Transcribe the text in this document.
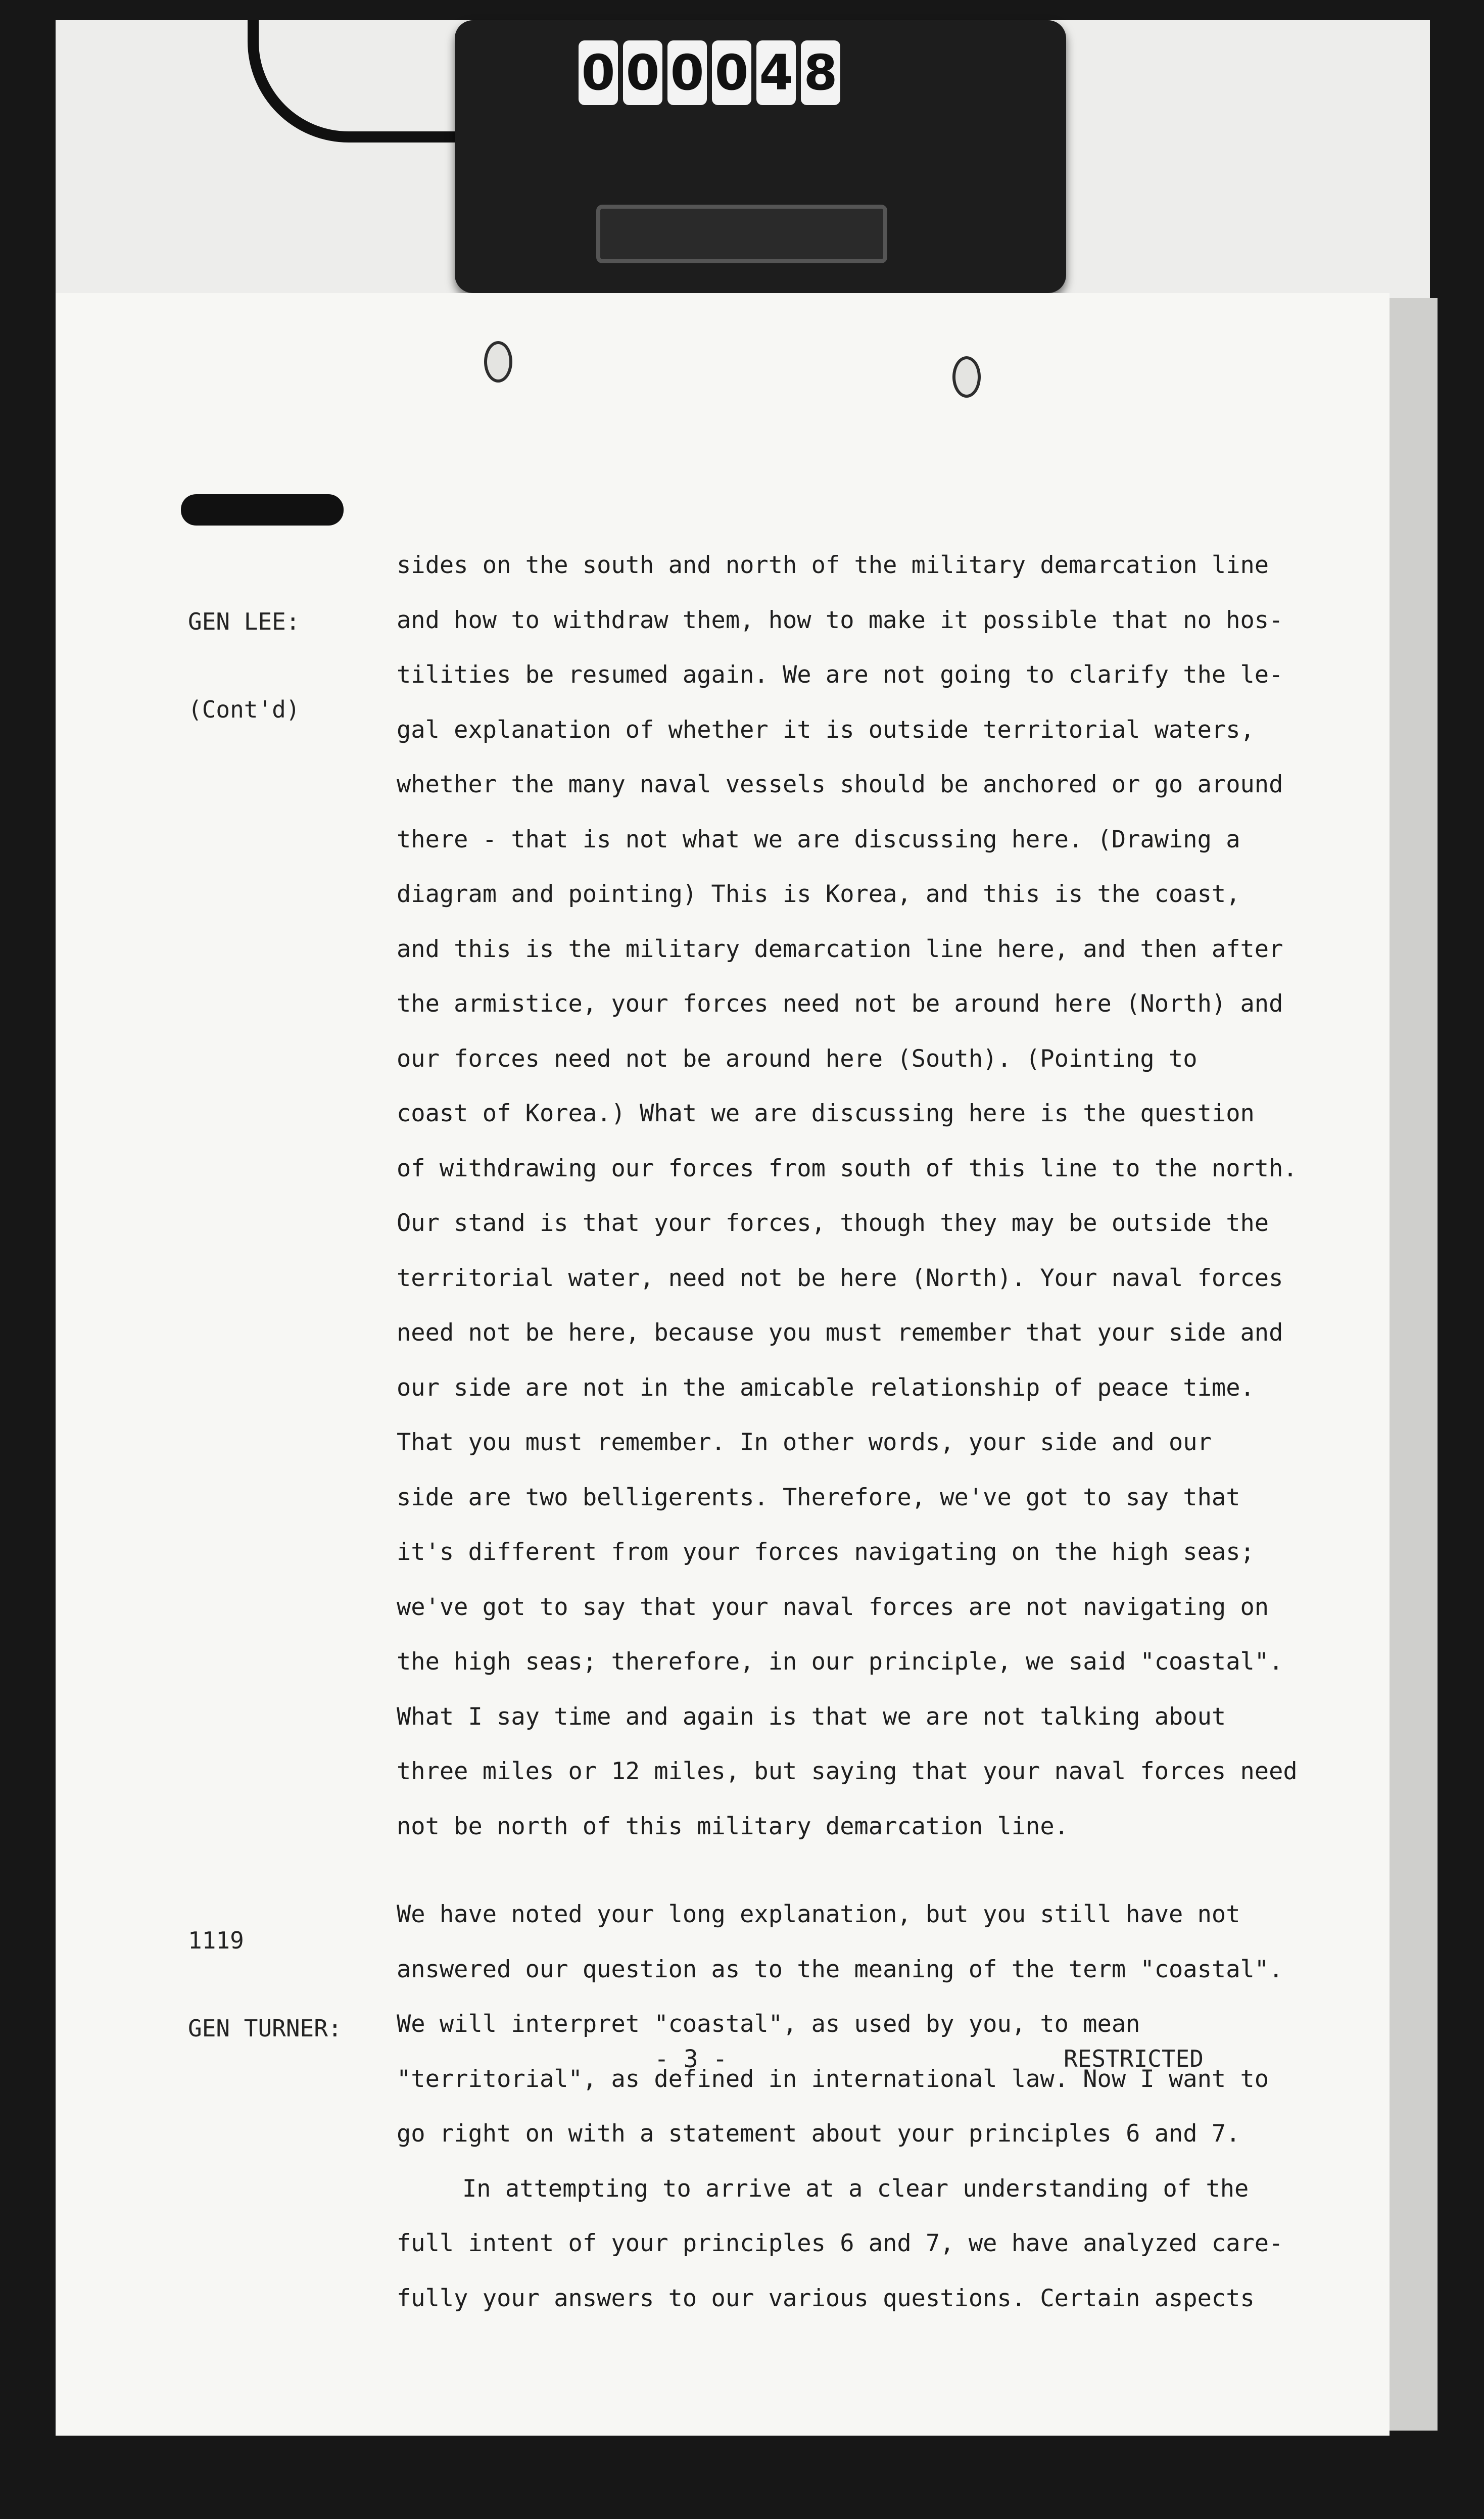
0 0 0 0 4 8

GEN LEE:

(Cont'd)

sides on the south and north of the military demarcation line
and how to withdraw them, how to make it possible that no hos-
tilities be resumed again. We are not going to clarify the le-
gal explanation of whether it is outside territorial waters,
whether the many naval vessels should be anchored or go around
there - that is not what we are discussing here. (Drawing a
diagram and pointing) This is Korea, and this is the coast,
and this is the military demarcation line here, and then after
the armistice, your forces need not be around here (North) and
our forces need not be around here (South). (Pointing to
coast of Korea.) What we are discussing here is the question
of withdrawing our forces from south of this line to the north.
Our stand is that your forces, though they may be outside the
territorial water, need not be here (North). Your naval forces
need not be here, because you must remember that your side and
our side are not in the amicable relationship of peace time.
That you must remember. In other words, your side and our
side are two belligerents. Therefore, we've got to say that
it's different from your forces navigating on the high seas;
we've got to say that your naval forces are not navigating on
the high seas; therefore, in our principle, we said "coastal".
What I say time and again is that we are not talking about
three miles or 12 miles, but saying that your naval forces need
not be north of this military demarcation line.

1119

GEN TURNER:

We have noted your long explanation, but you still have not
answered our question as to the meaning of the term "coastal".
We will interpret "coastal", as used by you, to mean
"territorial", as defined in international law. Now I want to
go right on with a statement about your principles 6 and 7.
In attempting to arrive at a clear understanding of the
full intent of your principles 6 and 7, we have analyzed care-
fully your answers to our various questions. Certain aspects
- 3 -	RESTRICTED
